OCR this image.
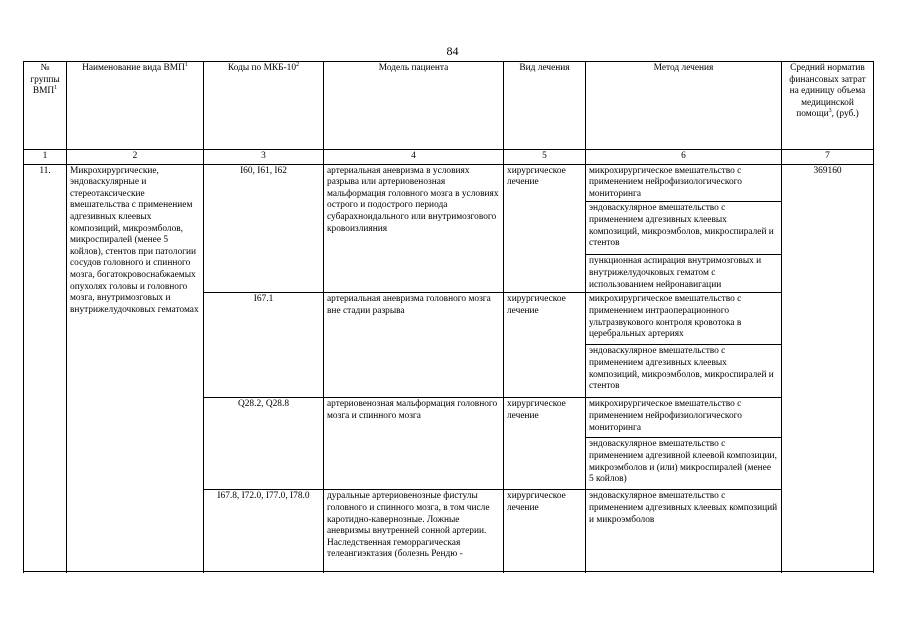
84
№ группы ВМП$^1$	Наименование вида ВМП$^1$	Коды по МКБ-$10^2$	Модель пациента	Вид лечения	Метод лечения	Средний норматив финансовых затрат на единицу объема медицинской помощи$^3$, (руб.)
1	2	3	4	5	6	7
11.	Микрохирургические, эндоваскулярные и стереотаксические вмешательства с применением адгезивных клеевых композиций, микроэмболов, микроспиралей (менее 5 койлов), стентов при патологии сосудов головного и спинного мозга, богатокровоснабжаемых опухолях головы и головного мозга, внутримозговых и внутрижелудочковых гематомах	I60, I61, I62	артериальная аневризма в условиях разрыва или артериовенозная мальформация головного мозга в условиях острого и подострого периода субарахноидального или внутримозгового кровоизлияния	хирургическое лечение	микрохирургическое вмешательство с применением нейрофизиологического мониторинга	369160
					эндоваскулярное вмешательство с применением адгезивных клеевых композиций, микроэмболов, микроспиралей и стентов	
					пункционная аспирация внутримозговых и внутрижелудочковых гематом с использованием нейронавигации	
		I67.1	артериальная аневризма головного мозга вне стадии разрыва	хирургическое лечение	микрохирургическое вмешательство с применением интраоперационного ультразвукового контроля кровотока в церебральных артериях	
					эндоваскулярное вмешательство с применением адгезивных клеевых композиций, микроэмболов, микроспиралей и стентов	
		Q28.2, Q28.8	артериовенозная мальформация головного мозга и спинного мозга	хирургическое лечение	микрохирургическое вмешательство с применением нейрофизиологического мониторинга	
					эндоваскулярное вмешательство с применением адгезивной клеевой композиции, микроэмболов и (или) микроспиралей (менее 5 койлов)	
		I67.8, I72.0, I77.0, I78.0	дуральные артериовенозные фистулы головного и спинного мозга, в том числе каротидно-кавернозные. Ложные аневризмы внутренней сонной артерии. Наследственная геморрагическая телеангиэктазия (болезнь Рендю -	хирургическое лечение	эндоваскулярное вмешательство с применением адгезивных клеевых композиций и микроэмболов	
